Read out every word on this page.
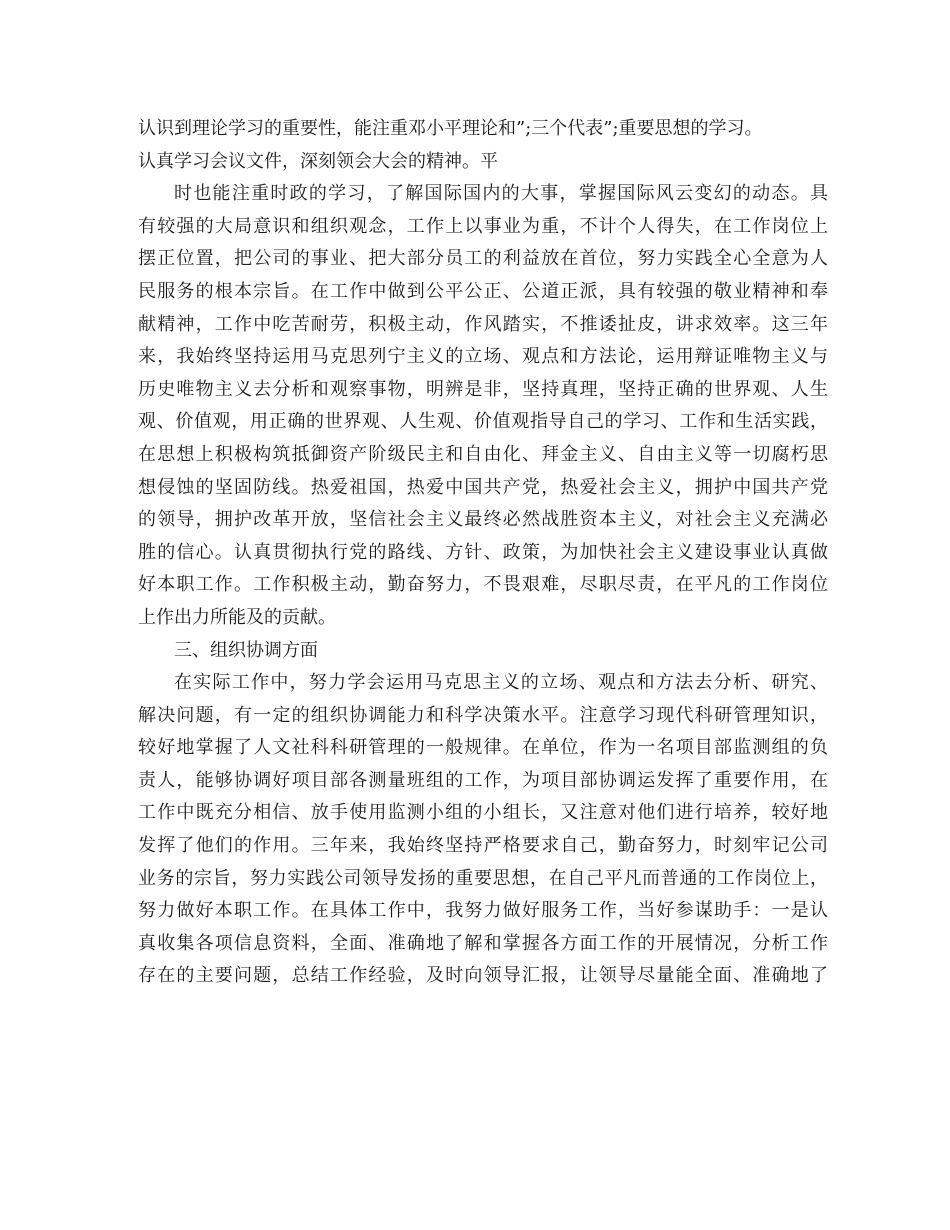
认识到理论学习的重要性，能注重邓小平理论和”;三个代表”;重要思想的学习。
认真学习会议文件，深刻领会大会的精神。平
时也能注重时政的学习，了解国际国内的大事，掌握国际风云变幻的动态。具
有较强的大局意识和组织观念，工作上以事业为重，不计个人得失，在工作岗位上
摆正位置，把公司的事业、把大部分员工的利益放在首位，努力实践全心全意为人
民服务的根本宗旨。在工作中做到公平公正、公道正派，具有较强的敬业精神和奉
献精神，工作中吃苦耐劳，积极主动，作风踏实，不推诿扯皮，讲求效率。这三年
来，我始终坚持运用马克思列宁主义的立场、观点和方法论，运用辩证唯物主义与
历史唯物主义去分析和观察事物，明辨是非，坚持真理，坚持正确的世界观、人生
观、价值观，用正确的世界观、人生观、价值观指导自己的学习、工作和生活实践，
在思想上积极构筑抵御资产阶级民主和自由化、拜金主义、自由主义等一切腐朽思
想侵蚀的坚固防线。热爱祖国，热爱中国共产党，热爱社会主义，拥护中国共产党
的领导，拥护改革开放，坚信社会主义最终必然战胜资本主义，对社会主义充满必
胜的信心。认真贯彻执行党的路线、方针、政策，为加快社会主义建设事业认真做
好本职工作。工作积极主动，勤奋努力，不畏艰难，尽职尽责，在平凡的工作岗位
上作出力所能及的贡献。
三、组织协调方面
在实际工作中，努力学会运用马克思主义的立场、观点和方法去分析、研究、
解决问题，有一定的组织协调能力和科学决策水平。注意学习现代科研管理知识，
较好地掌握了人文社科科研管理的一般规律。在单位，作为一名项目部监测组的负
责人，能够协调好项目部各测量班组的工作，为项目部协调运发挥了重要作用，在
工作中既充分相信、放手使用监测小组的小组长，又注意对他们进行培养，较好地
发挥了他们的作用。三年来，我始终坚持严格要求自己，勤奋努力，时刻牢记公司
业务的宗旨，努力实践公司领导发扬的重要思想，在自己平凡而普通的工作岗位上，
努力做好本职工作。在具体工作中，我努力做好服务工作，当好参谋助手：一是认
真收集各项信息资料，全面、准确地了解和掌握各方面工作的开展情况，分析工作
存在的主要问题，总结工作经验，及时向领导汇报，让领导尽量能全面、准确地了
